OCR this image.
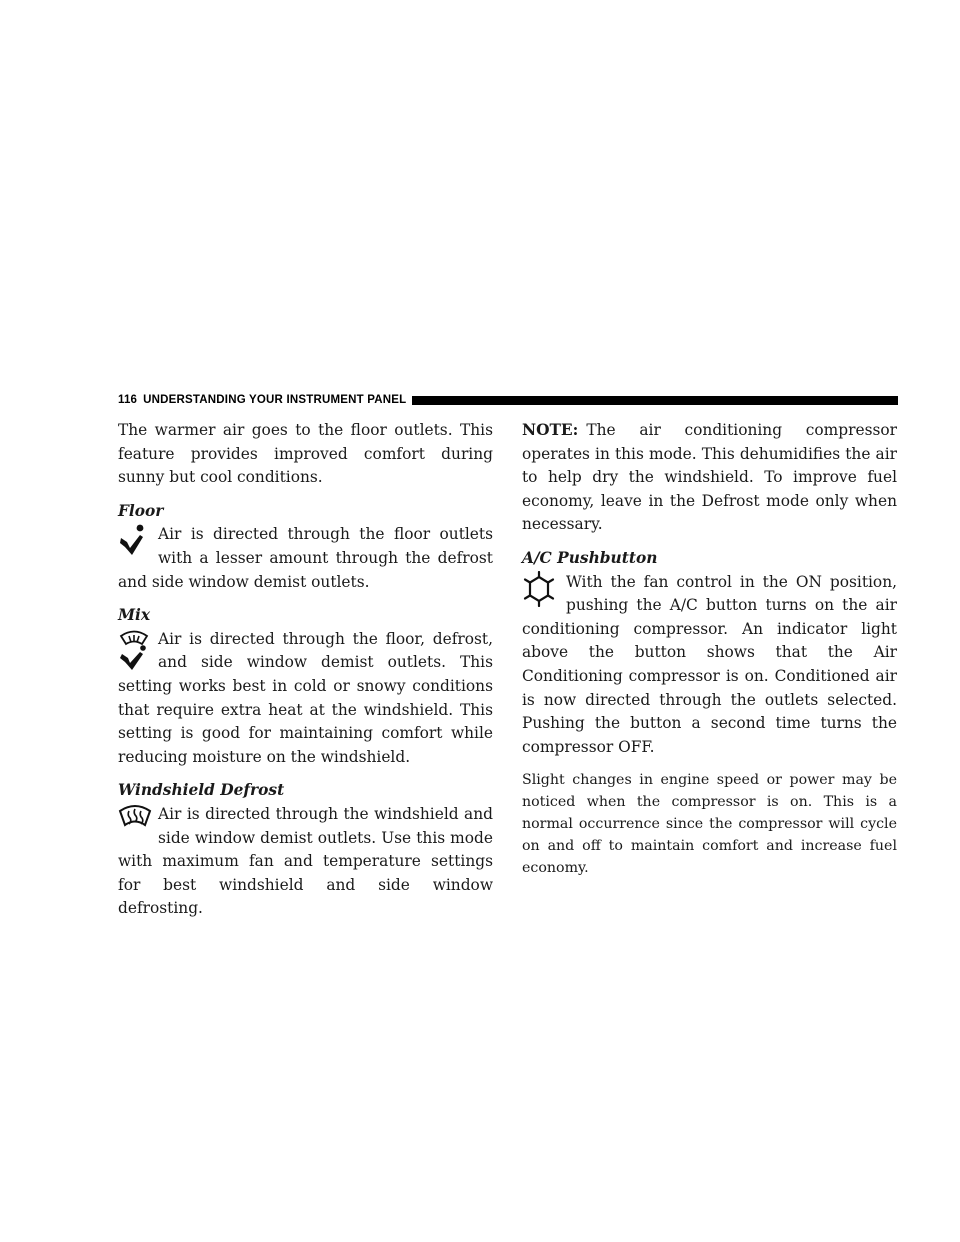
116 UNDERSTANDING YOUR INSTRUMENT PANEL

The warmer air goes to the floor outlets. This feature provides improved comfort during sunny but cool conditions.

Floor

Air is directed through the floor outlets with a lesser amount through the defrost and side window demist outlets.

Mix

Air is directed through the floor, defrost, and side window demist outlets. This setting works best in cold or snowy conditions that require extra heat at the windshield. This setting is good for maintaining comfort while reducing moisture on the windshield.

Windshield Defrost

Air is directed through the windshield and side window demist outlets. Use this mode with maximum fan and temperature settings for best windshield and side window defrosting.

NOTE: The air conditioning compressor operates in this mode. This dehumidifies the air to help dry the windshield. To improve fuel economy, leave in the Defrost mode only when necessary.

A/C Pushbutton

With the fan control in the ON position, pushing the A/C button turns on the air conditioning compressor. An indicator light above the button shows that the Air Conditioning compressor is on. Conditioned air is now directed through the outlets selected. Pushing the button a second time turns the compressor OFF.

Slight changes in engine speed or power may be noticed when the compressor is on. This is a normal occurrence since the compressor will cycle on and off to maintain comfort and increase fuel economy.
